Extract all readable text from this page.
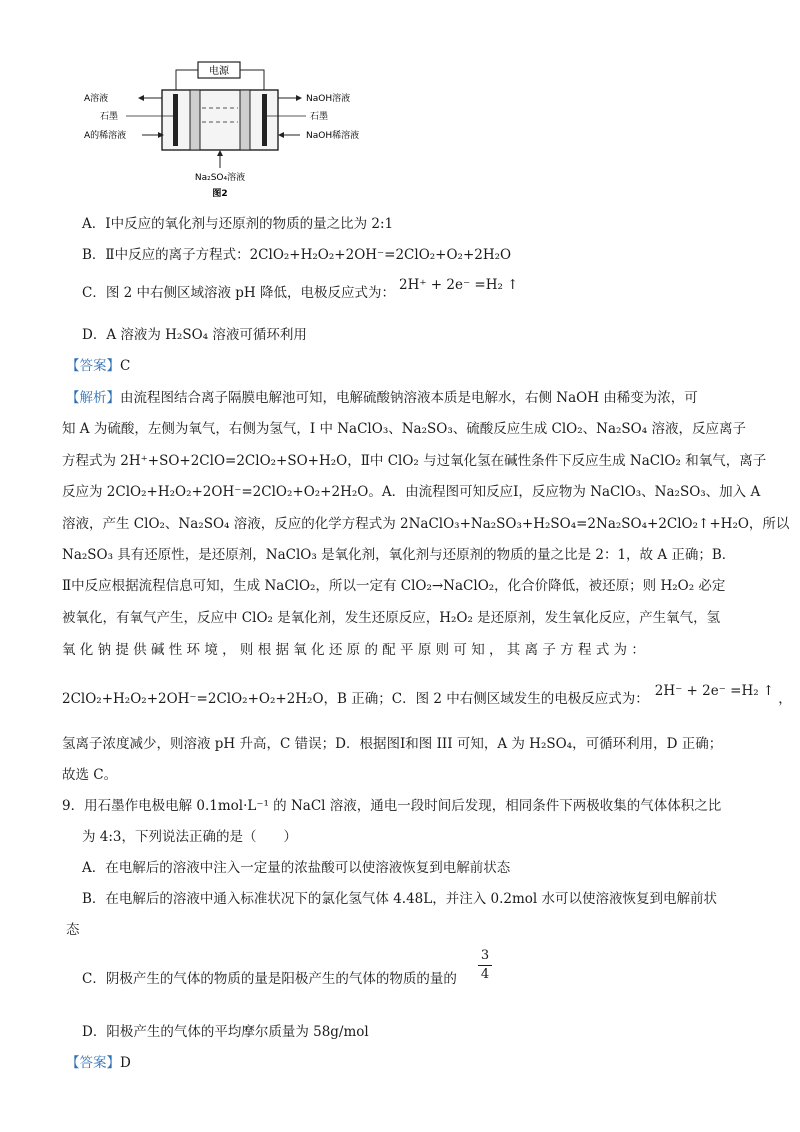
电源
A溶液
石墨
A的稀溶液
NaOH溶液
石墨
NaOH稀溶液
Na₂SO₄溶液
图2
A．Ⅰ中反应的氧化剂与还原剂的物质的量之比为 2:1
B．Ⅱ中反应的离子方程式：2ClO₂+H₂O₂+2OH⁻=2ClO₂+O₂+2H₂O
C．图 2 中右侧区域溶液 pH 降低，电极反应式为： 2H⁺ + 2e⁻ =H₂ ↑
D．A 溶液为 H₂SO₄ 溶液可循环利用
【答案】C
【解析】由流程图结合离子隔膜电解池可知，电解硫酸钠溶液本质是电解水，右侧 NaOH 由稀变为浓，可
知 A 为硫酸，左侧为氧气，右侧为氢气，I 中 NaClO₃、Na₂SO₃、硫酸反应生成 ClO₂、Na₂SO₄ 溶液，反应离子
方程式为 2H⁺+SO+2ClO=2ClO₂+SO+H₂O，Ⅱ中 ClO₂ 与过氧化氢在碱性条件下反应生成 NaClO₂ 和氧气，离子
反应为 2ClO₂+H₂O₂+2OH⁻=2ClO₂+O₂+2H₂O。A．由流程图可知反应Ⅰ，反应物为 NaClO₃、Na₂SO₃、加入 A
溶液，产生 ClO₂、Na₂SO₄ 溶液，反应的化学方程式为 2NaClO₃+Na₂SO₃+H₂SO₄=2Na₂SO₄+2ClO₂↑+H₂O，所以
Na₂SO₃ 具有还原性，是还原剂，NaClO₃ 是氧化剂，氧化剂与还原剂的物质的量之比是 2：1，故 A 正确；B．
Ⅱ中反应根据流程信息可知，生成 NaClO₂，所以一定有 ClO₂→NaClO₂，化合价降低，被还原；则 H₂O₂ 必定
被氧化，有氧气产生，反应中 ClO₂ 是氧化剂，发生还原反应，H₂O₂ 是还原剂，发生氧化反应，产生氧气，氢
氧 化 钠 提 供 碱 性 环 境 ， 则 根 据 氧 化 还 原 的 配 平 原 则 可 知 ， 其 离 子 方 程 式 为 ：
2ClO₂+H₂O₂+2OH⁻=2ClO₂+O₂+2H₂O，B 正确；C．图 2 中右侧区域发生的电极反应式为： 2H⁻ + 2e⁻ =H₂ ↑ ，
氢离子浓度减少，则溶液 pH 升高，C 错误；D．根据图Ⅰ和图 III 可知，A 为 H₂SO₄，可循环利用，D 正确；
故选 C。
9．用石墨作电极电解 0.1mol·L⁻¹ 的 NaCl 溶液，通电一段时间后发现，相同条件下两极收集的气体体积之比
为 4:3，下列说法正确的是（　　）
A．在电解后的溶液中注入一定量的浓盐酸可以使溶液恢复到电解前状态
B．在电解后的溶液中通入标准状况下的氯化氢气体 4.48L，并注入 0.2mol 水可以使溶液恢复到电解前状
态
C．阴极产生的气体的物质的量是阳极产生的气体的物质的量的
3
4
D．阳极产生的气体的平均摩尔质量为 58g/mol
【答案】D
